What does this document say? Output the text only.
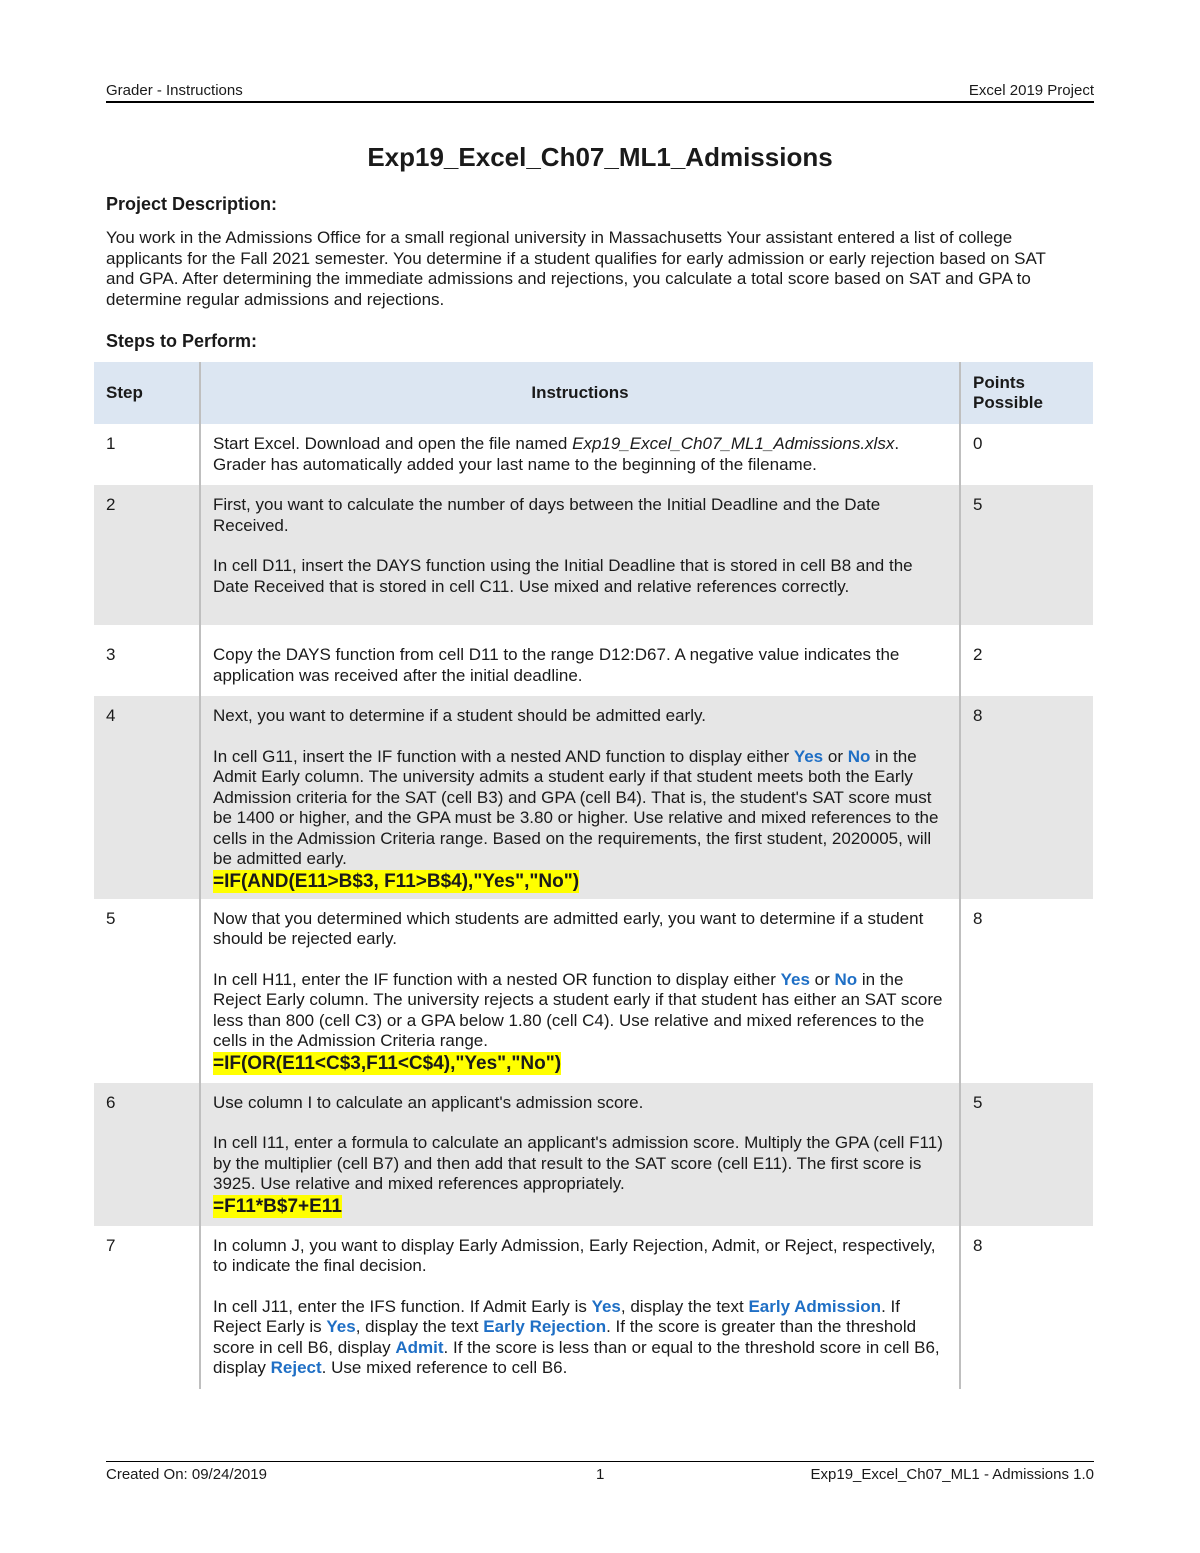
Grader - Instructions	Excel 2019 Project
Exp19_Excel_Ch07_ML1_Admissions
Project Description:
You work in the Admissions Office for a small regional university in Massachusetts Your assistant entered a list of college
applicants for the Fall 2021 semester. You determine if a student qualifies for early admission or early rejection based on SAT
and GPA. After determining the immediate admissions and rejections, you calculate a total score based on SAT and GPA to
determine regular admissions and rejections.
Steps to Perform:
Step	Instructions	Points
Possible
1	Start Excel. Download and open the file named Exp19_Excel_Ch07_ML1_Admissions.xlsx. Grader has automatically added your last name to the beginning of the filename.	0
2	First, you want to calculate the number of days between the Initial Deadline and the Date Received.

In cell D11, insert the DAYS function using the Initial Deadline that is stored in cell B8 and the Date Received that is stored in cell C11. Use mixed and relative references correctly.	5

3	Copy the DAYS function from cell D11 to the range D12:D67. A negative value indicates the application was received after the initial deadline.	2
4	Next, you want to determine if a student should be admitted early.

In cell G11, insert the IF function with a nested AND function to display either Yes or No in the Admit Early column. The university admits a student early if that student meets both the Early Admission criteria for the SAT (cell B3) and GPA (cell B4). That is, the student's SAT score must be 1400 or higher, and the GPA must be 3.80 or higher. Use relative and mixed references to the cells in the Admission Criteria range. Based on the requirements, the first student, 2020005, will be admitted early.
=IF(AND(E11>B$3, F11>B$4),"Yes","No")	8
5	Now that you determined which students are admitted early, you want to determine if a student should be rejected early.

In cell H11, enter the IF function with a nested OR function to display either Yes or No in the Reject Early column. The university rejects a student early if that student has either an SAT score less than 800 (cell C3) or a GPA below 1.80 (cell C4). Use relative and mixed references to the cells in the Admission Criteria range.
=IF(OR(E11<C$3,F11<C$4),"Yes","No")	8
6	Use column I to calculate an applicant's admission score.

In cell I11, enter a formula to calculate an applicant's admission score. Multiply the GPA (cell F11) by the multiplier (cell B7) and then add that result to the SAT score (cell E11). The first score is 3925. Use relative and mixed references appropriately.
=F11*B$7+E11	5
7	In column J, you want to display Early Admission, Early Rejection, Admit, or Reject, respectively, to indicate the final decision.

In cell J11, enter the IFS function. If Admit Early is Yes, display the text Early Admission. If Reject Early is Yes, display the text Early Rejection. If the score is greater than the threshold score in cell B6, display Admit. If the score is less than or equal to the threshold score in cell B6, display Reject. Use mixed reference to cell B6.	8
Created On: 09/24/2019	1	Exp19_Excel_Ch07_ML1 - Admissions 1.0
